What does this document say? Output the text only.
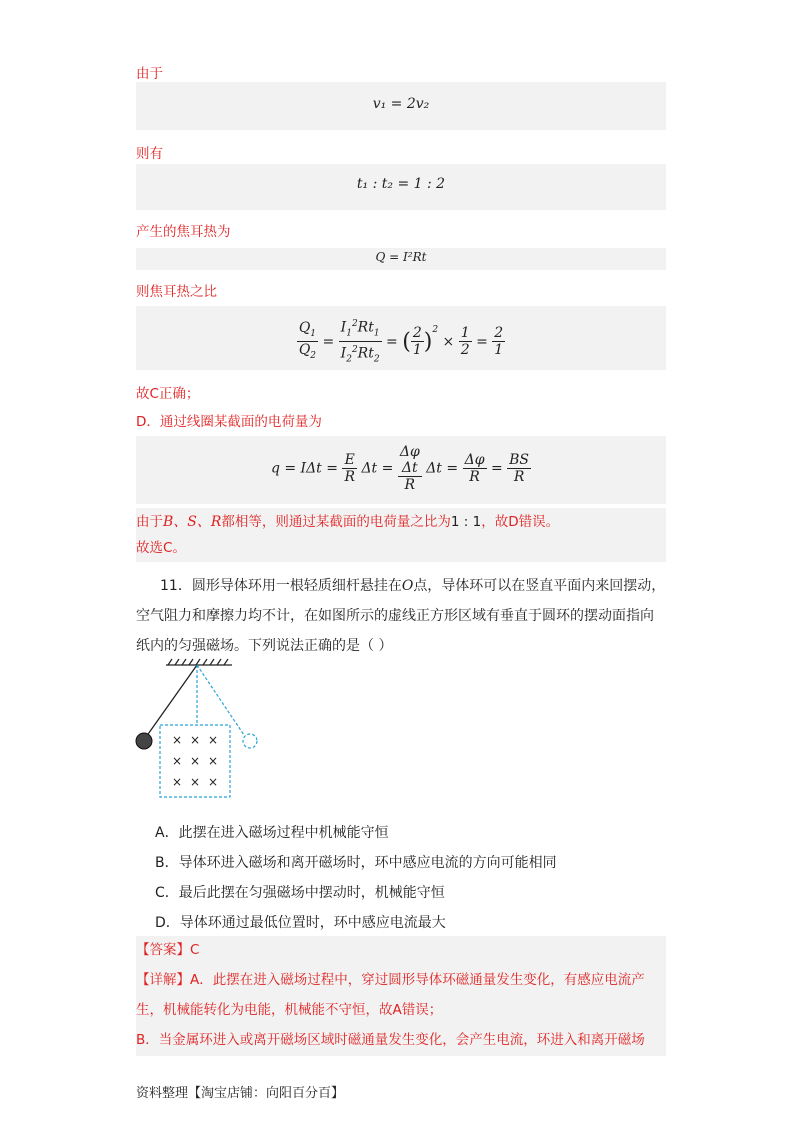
由于
v₁ = 2v₂
则有
t₁ : t₂ = 1 : 2
产生的焦耳热为
Q = I²Rt
则焦耳热之比
$\frac{Q_1}{Q_2} = \frac{I_1^2Rt_1}{I_2^2Rt_2}$ = ( $\frac{2}{1} )^2 \times \frac{1}{2} = \frac{2}{1}$
故C正确；
D．通过线圈某截面的电荷量为
$q = I\Delta t = \frac{E}{R}$ Δt =
Δφ
Δt
R
$\Delta t = \frac{\Delta\varphi}{R} = \frac{BS}{R}$
由于B、S、R都相等，则通过某截面的电荷量之比为1 : 1，故D错误。
故选C。
11．圆形导体环用一根轻质细杆悬挂在O点，导体环可以在竖直平面内来回摆动，
空气阻力和摩擦力均不计，在如图所示的虚线正方形区域有垂直于圆环的摆动面指向
纸内的匀强磁场。下列说法正确的是（ ）
× × ×
× × ×
× × ×
A．此摆在进入磁场过程中机械能守恒
B．导体环进入磁场和离开磁场时，环中感应电流的方向可能相同
C．最后此摆在匀强磁场中摆动时，机械能守恒
D．导体环通过最低位置时，环中感应电流最大
【答案】C
【详解】A．此摆在进入磁场过程中，穿过圆形导体环磁通量发生变化，有感应电流产
生，机械能转化为电能，机械能不守恒，故A错误；
B．当金属环进入或离开磁场区域时磁通量发生变化，会产生电流，环进入和离开磁场
资料整理【淘宝店铺：向阳百分百】
